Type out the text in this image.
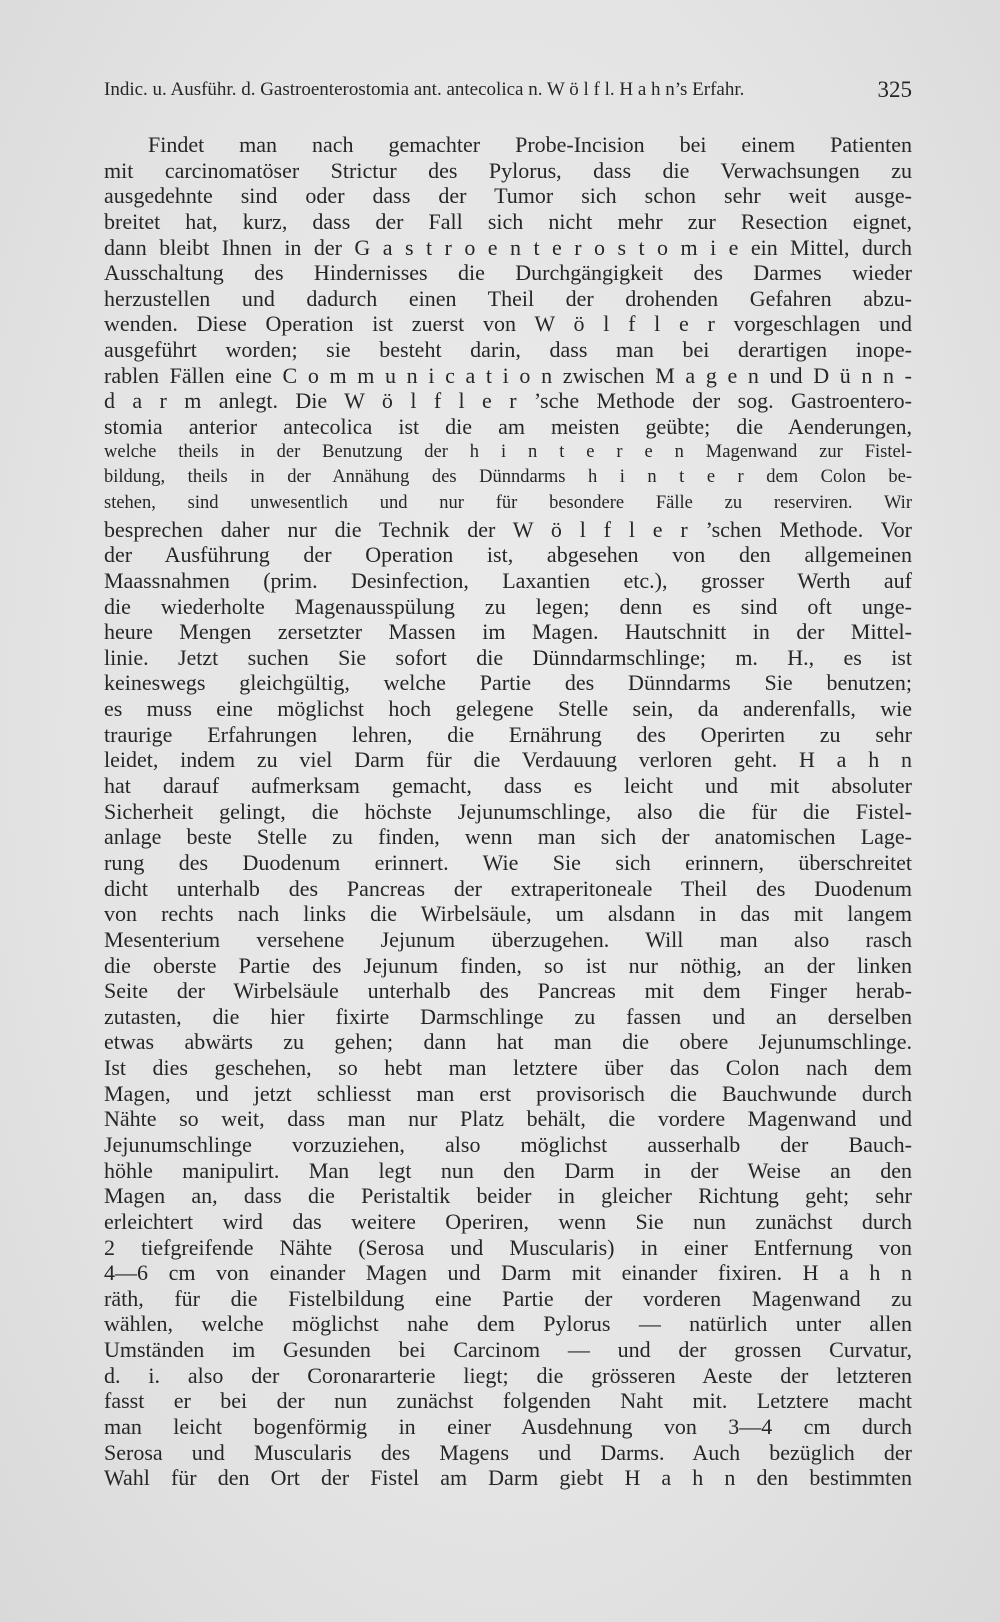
Indic. u. Ausführ. d. Gastroenterostomia ant. antecolica n. W ö l f l. H a h n’s Erfahr.	325
Findet man nach gemachter Probe-Incision bei einem Patienten
mit carcinomatöser Strictur des Pylorus, dass die Verwachsungen zu
ausgedehnte sind oder dass der Tumor sich schon sehr weit ausge-
breitet hat, kurz, dass der Fall sich nicht mehr zur Resection eignet,
dann bleibt Ihnen in der G a s t r o e n t e r o s t o m i e ein Mittel, durch
Ausschaltung des Hindernisses die Durchgängigkeit des Darmes wieder
herzustellen und dadurch einen Theil der drohenden Gefahren abzu-
wenden. Diese Operation ist zuerst von W ö l f l e r vorgeschlagen und
ausgeführt worden; sie besteht darin, dass man bei derartigen inope-
rablen Fällen eine C o m m u n i c a t i o n zwischen M a g e n und D ü n n -
d a r m anlegt. Die W ö l f l e r ’sche Methode der sog. Gastroentero-
stomia anterior antecolica ist die am meisten geübte; die Aenderungen,
welche theils in der Benutzung der h i n t e r e n Magenwand zur Fistel-
bildung, theils in der Annähung des Dünndarms h i n t e r dem Colon be-
stehen, sind unwesentlich und nur für besondere Fälle zu reserviren. Wir
besprechen daher nur die Technik der W ö l f l e r ’schen Methode. Vor
der Ausführung der Operation ist, abgesehen von den allgemeinen
Maassnahmen (prim. Desinfection, Laxantien etc.), grosser Werth auf
die wiederholte Magenausspülung zu legen; denn es sind oft unge-
heure Mengen zersetzter Massen im Magen. Hautschnitt in der Mittel-
linie. Jetzt suchen Sie sofort die Dünndarmschlinge; m. H., es ist
keineswegs gleichgültig, welche Partie des Dünndarms Sie benutzen;
es muss eine möglichst hoch gelegene Stelle sein, da anderenfalls, wie
traurige Erfahrungen lehren, die Ernährung des Operirten zu sehr
leidet, indem zu viel Darm für die Verdauung verloren geht. H a h n
hat darauf aufmerksam gemacht, dass es leicht und mit absoluter
Sicherheit gelingt, die höchste Jejunumschlinge, also die für die Fistel-
anlage beste Stelle zu finden, wenn man sich der anatomischen Lage-
rung des Duodenum erinnert. Wie Sie sich erinnern, überschreitet
dicht unterhalb des Pancreas der extraperitoneale Theil des Duodenum
von rechts nach links die Wirbelsäule, um alsdann in das mit langem
Mesenterium versehene Jejunum überzugehen. Will man also rasch
die oberste Partie des Jejunum finden, so ist nur nöthig, an der linken
Seite der Wirbelsäule unterhalb des Pancreas mit dem Finger herab-
zutasten, die hier fixirte Darmschlinge zu fassen und an derselben
etwas abwärts zu gehen; dann hat man die obere Jejunumschlinge.
Ist dies geschehen, so hebt man letztere über das Colon nach dem
Magen, und jetzt schliesst man erst provisorisch die Bauchwunde durch
Nähte so weit, dass man nur Platz behält, die vordere Magenwand und
Jejunumschlinge vorzuziehen, also möglichst ausserhalb der Bauch-
höhle manipulirt. Man legt nun den Darm in der Weise an den
Magen an, dass die Peristaltik beider in gleicher Richtung geht; sehr
erleichtert wird das weitere Operiren, wenn Sie nun zunächst durch
2 tiefgreifende Nähte (Serosa und Muscularis) in einer Entfernung von
4—6 cm von einander Magen und Darm mit einander fixiren. H a h n
räth, für die Fistelbildung eine Partie der vorderen Magenwand zu
wählen, welche möglichst nahe dem Pylorus — natürlich unter allen
Umständen im Gesunden bei Carcinom — und der grossen Curvatur,
d. i. also der Coronararterie liegt; die grösseren Aeste der letzteren
fasst er bei der nun zunächst folgenden Naht mit. Letztere macht
man leicht bogenförmig in einer Ausdehnung von 3—4 cm durch
Serosa und Muscularis des Magens und Darms. Auch bezüglich der
Wahl für den Ort der Fistel am Darm giebt H a h n den bestimmten
